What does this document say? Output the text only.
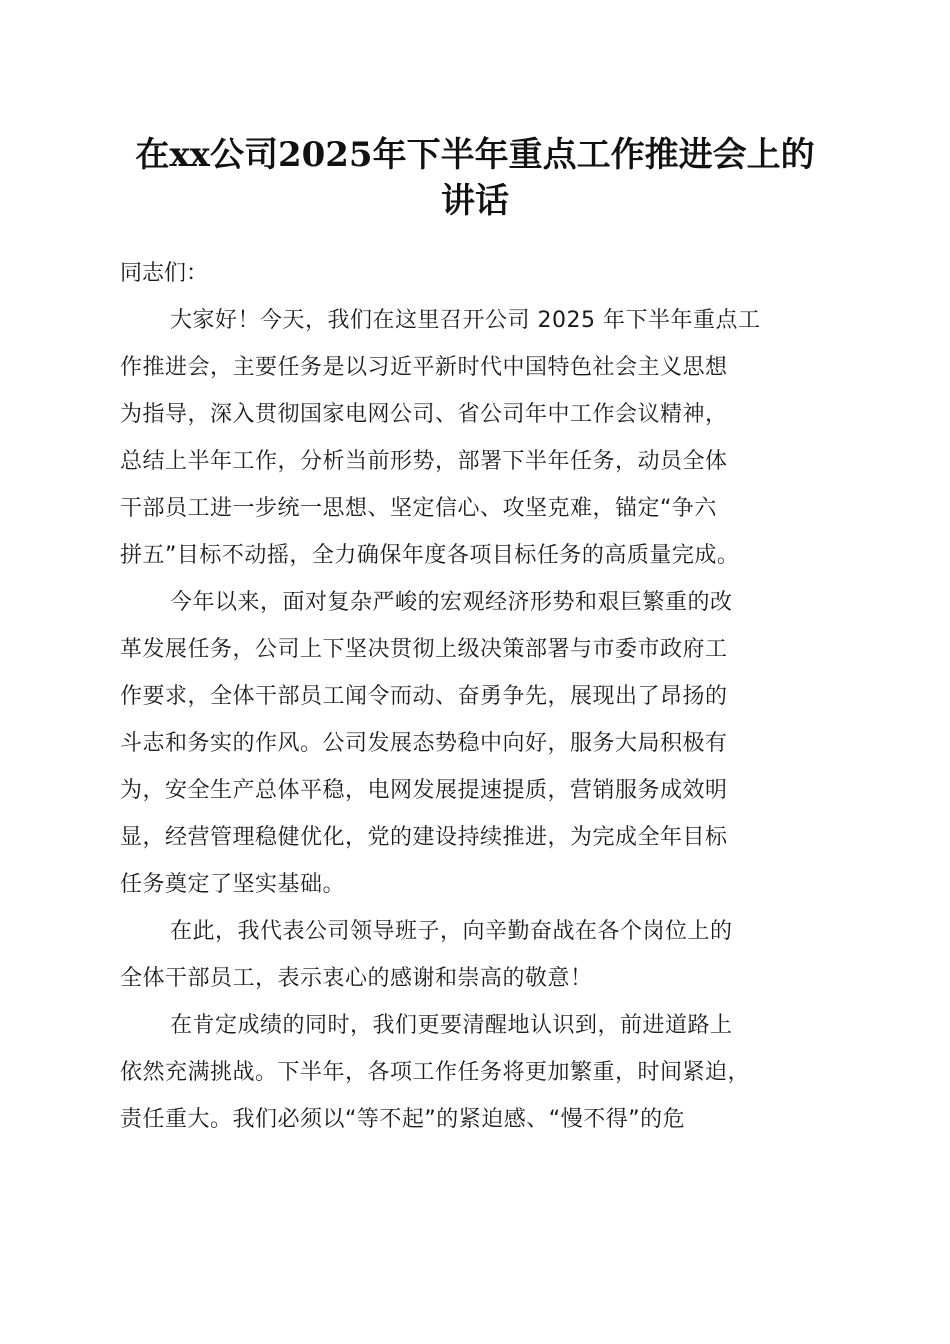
在xx公司2025年下半年重点工作推进会上的
讲话

同志们：

大家好！今天，我们在这里召开公司 2025 年下半年重点工
作推进会，主要任务是以习近平新时代中国特色社会主义思想
为指导，深入贯彻国家电网公司、省公司年中工作会议精神，
总结上半年工作，分析当前形势，部署下半年任务，动员全体
干部员工进一步统一思想、坚定信心、攻坚克难，锚定“争六
拼五”目标不动摇，全力确保年度各项目标任务的高质量完成。

今年以来，面对复杂严峻的宏观经济形势和艰巨繁重的改
革发展任务，公司上下坚决贯彻上级决策部署与市委市政府工
作要求，全体干部员工闻令而动、奋勇争先，展现出了昂扬的
斗志和务实的作风。公司发展态势稳中向好，服务大局积极有
为，安全生产总体平稳，电网发展提速提质，营销服务成效明
显，经营管理稳健优化，党的建设持续推进，为完成全年目标
任务奠定了坚实基础。

在此，我代表公司领导班子，向辛勤奋战在各个岗位上的
全体干部员工，表示衷心的感谢和崇高的敬意！

在肯定成绩的同时，我们更要清醒地认识到，前进道路上
依然充满挑战。下半年，各项工作任务将更加繁重，时间紧迫，
责任重大。我们必须以“等不起”的紧迫感、“慢不得”的危
